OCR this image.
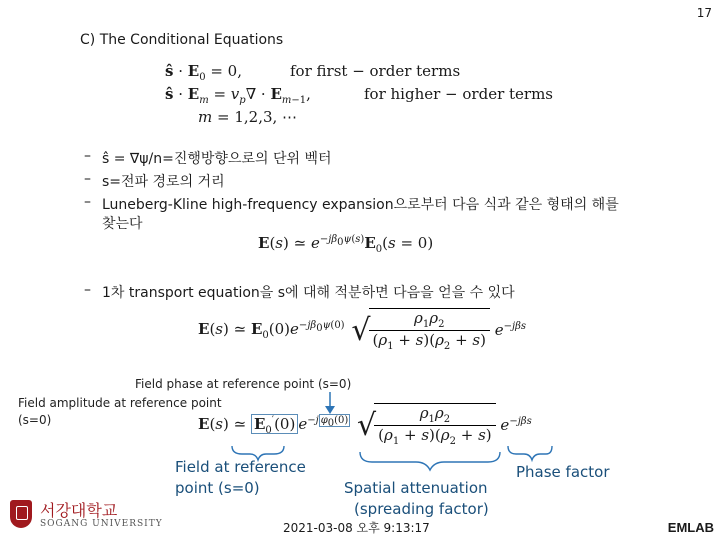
17
C) The Conditional Equations
ŝ · $E_0 = 0$,	for first − order terms
ŝ · $E_m = v_p\nabla \cdot E_{m-1}$,	for higher − order terms
m = 1,2,3, ⋯
– ŝ = ∇ψ/n=진행방향으로의 단위 벡터
– s=전파 경로의 거리
– Luneberg-Kline high-frequency expansion으로부터 다음 식과 같은 형태의 해를
찾는다
E(s) ≃ $e^{-j\beta_0\psi(s)}E_0(s = 0)$
– 1차 transport equation을 s에 대해 적분하면 다음을 얻을 수 있다
E(s) ≃ $E_0(0)e^{-j\beta_0\psi(0)}$ √
$\frac{\rho_1\rho_2}{(\rho_1 + s)(\rho_2 + s)} e^{-j\beta s}$
Field phase at reference point (s=0)
Field amplitude at reference point
(s=0)	E(s) ≃ $E_0'(0)$ $e^{-j \varphi_0(0)}$ √
$\frac{\rho_1\rho_2}{(\rho_1 + s)(\rho_2 + s)} e^{-j\beta s}$
Field at reference
point (s=0)	Spatial attenuation
(spreading factor)
Phase factor
서강대학교
SOGANG UNIVERSITY	2021-03-08 오후 9:13:17	EMLAB
